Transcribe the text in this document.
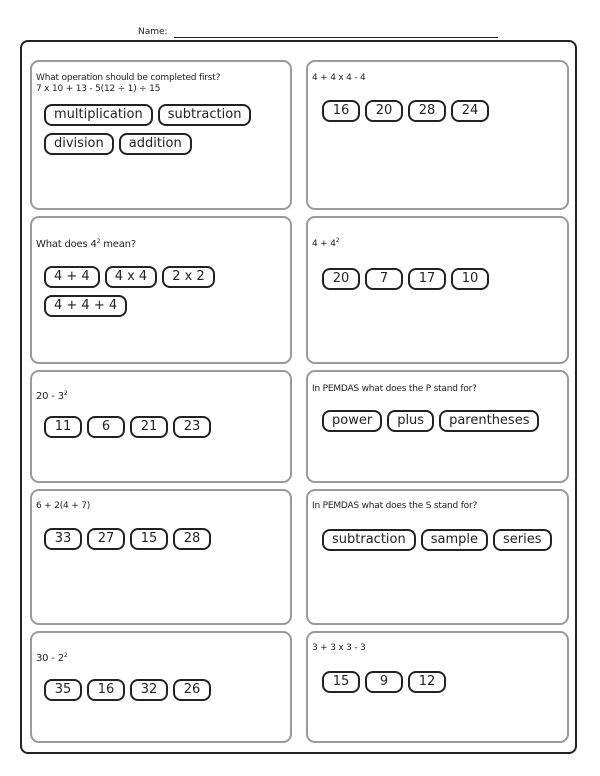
Name:
What operation should be completed first?
7 x 10 + 13 - 5(12 ÷ 1) ÷ 15
multiplication	subtraction
division	addition
4 + 4 x 4 - 4
16	20	28	24
What does $4^2$ mean?
4 + 4	4 x 4	2 x 2
4 + 4 + 4
$4 + 4^2$
20	7	17	10
$20 - 3^2$
11	6	21	23
In PEMDAS what does the P stand for?
power	plus	parentheses
6 + 2(4 + 7)
33	27	15	28
In PEMDAS what does the S stand for?
subtraction	sample	series
$30 - 2^2$
35	16	32	26
3 + 3 x 3 - 3
15	9	12
